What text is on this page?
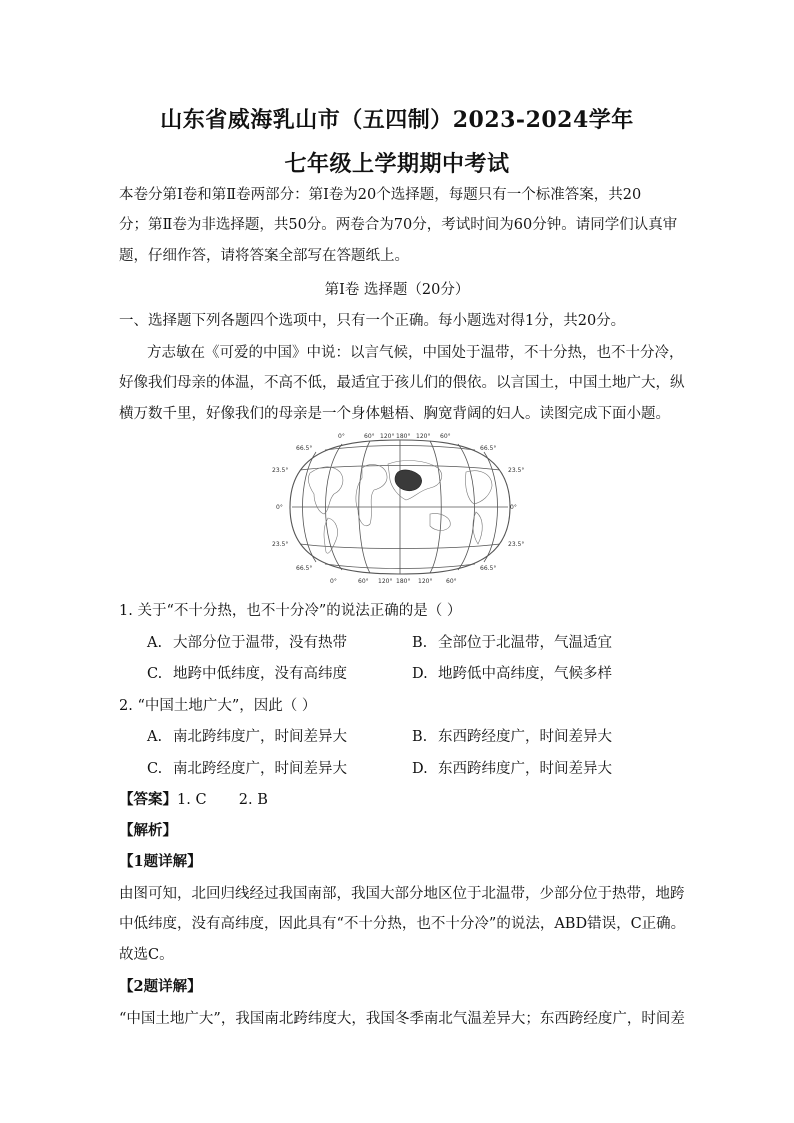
山东省威海乳山市（五四制）2023-2024学年
七年级上学期期中考试
本卷分第Ⅰ卷和第Ⅱ卷两部分：第Ⅰ卷为20个选择题，每题只有一个标准答案，共20
分；第Ⅱ卷为非选择题，共50分。两卷合为70分，考试时间为60分钟。请同学们认真审
题，仔细作答，请将答案全部写在答题纸上。
第Ⅰ卷 选择题（20分）
一、选择题下列各题四个选项中，只有一个正确。每小题选对得1分，共20分。
方志敏在《可爱的中国》中说：以言气候，中国处于温带，不十分热，也不十分冷，
好像我们母亲的体温，不高不低，最适宜于孩儿们的偎依。以言国土，中国土地广大，纵
横万数千里，好像我们的母亲是一个身体魁梧、胸宽背阔的妇人。读图完成下面小题。
0°	60° 120° 180° 120° 60°
0°	60° 120° 180° 120° 60°
66.5°
23.5°
0°
23.5°
66.5°
66.5°
23.5°
0°
23.5°
66.5°
1. 关于“不十分热，也不十分冷”的说法正确的是（ ）
A. 大部分位于温带，没有热带	B. 全部位于北温带，气温适宜
C. 地跨中低纬度，没有高纬度	D. 地跨低中高纬度，气候多样
2. “中国土地广大”，因此（ ）
A. 南北跨纬度广，时间差异大	B. 东西跨经度广，时间差异大
C. 南北跨经度广，时间差异大	D. 东西跨纬度广，时间差异大
【答案】1. C       2. B
【解析】
【1题详解】
由图可知，北回归线经过我国南部，我国大部分地区位于北温带，少部分位于热带，地跨
中低纬度，没有高纬度，因此具有“不十分热，也不十分冷”的说法，ABD错误，C正确。
故选C。
【2题详解】
“中国土地广大”，我国南北跨纬度大，我国冬季南北气温差异大；东西跨经度广，时间差
